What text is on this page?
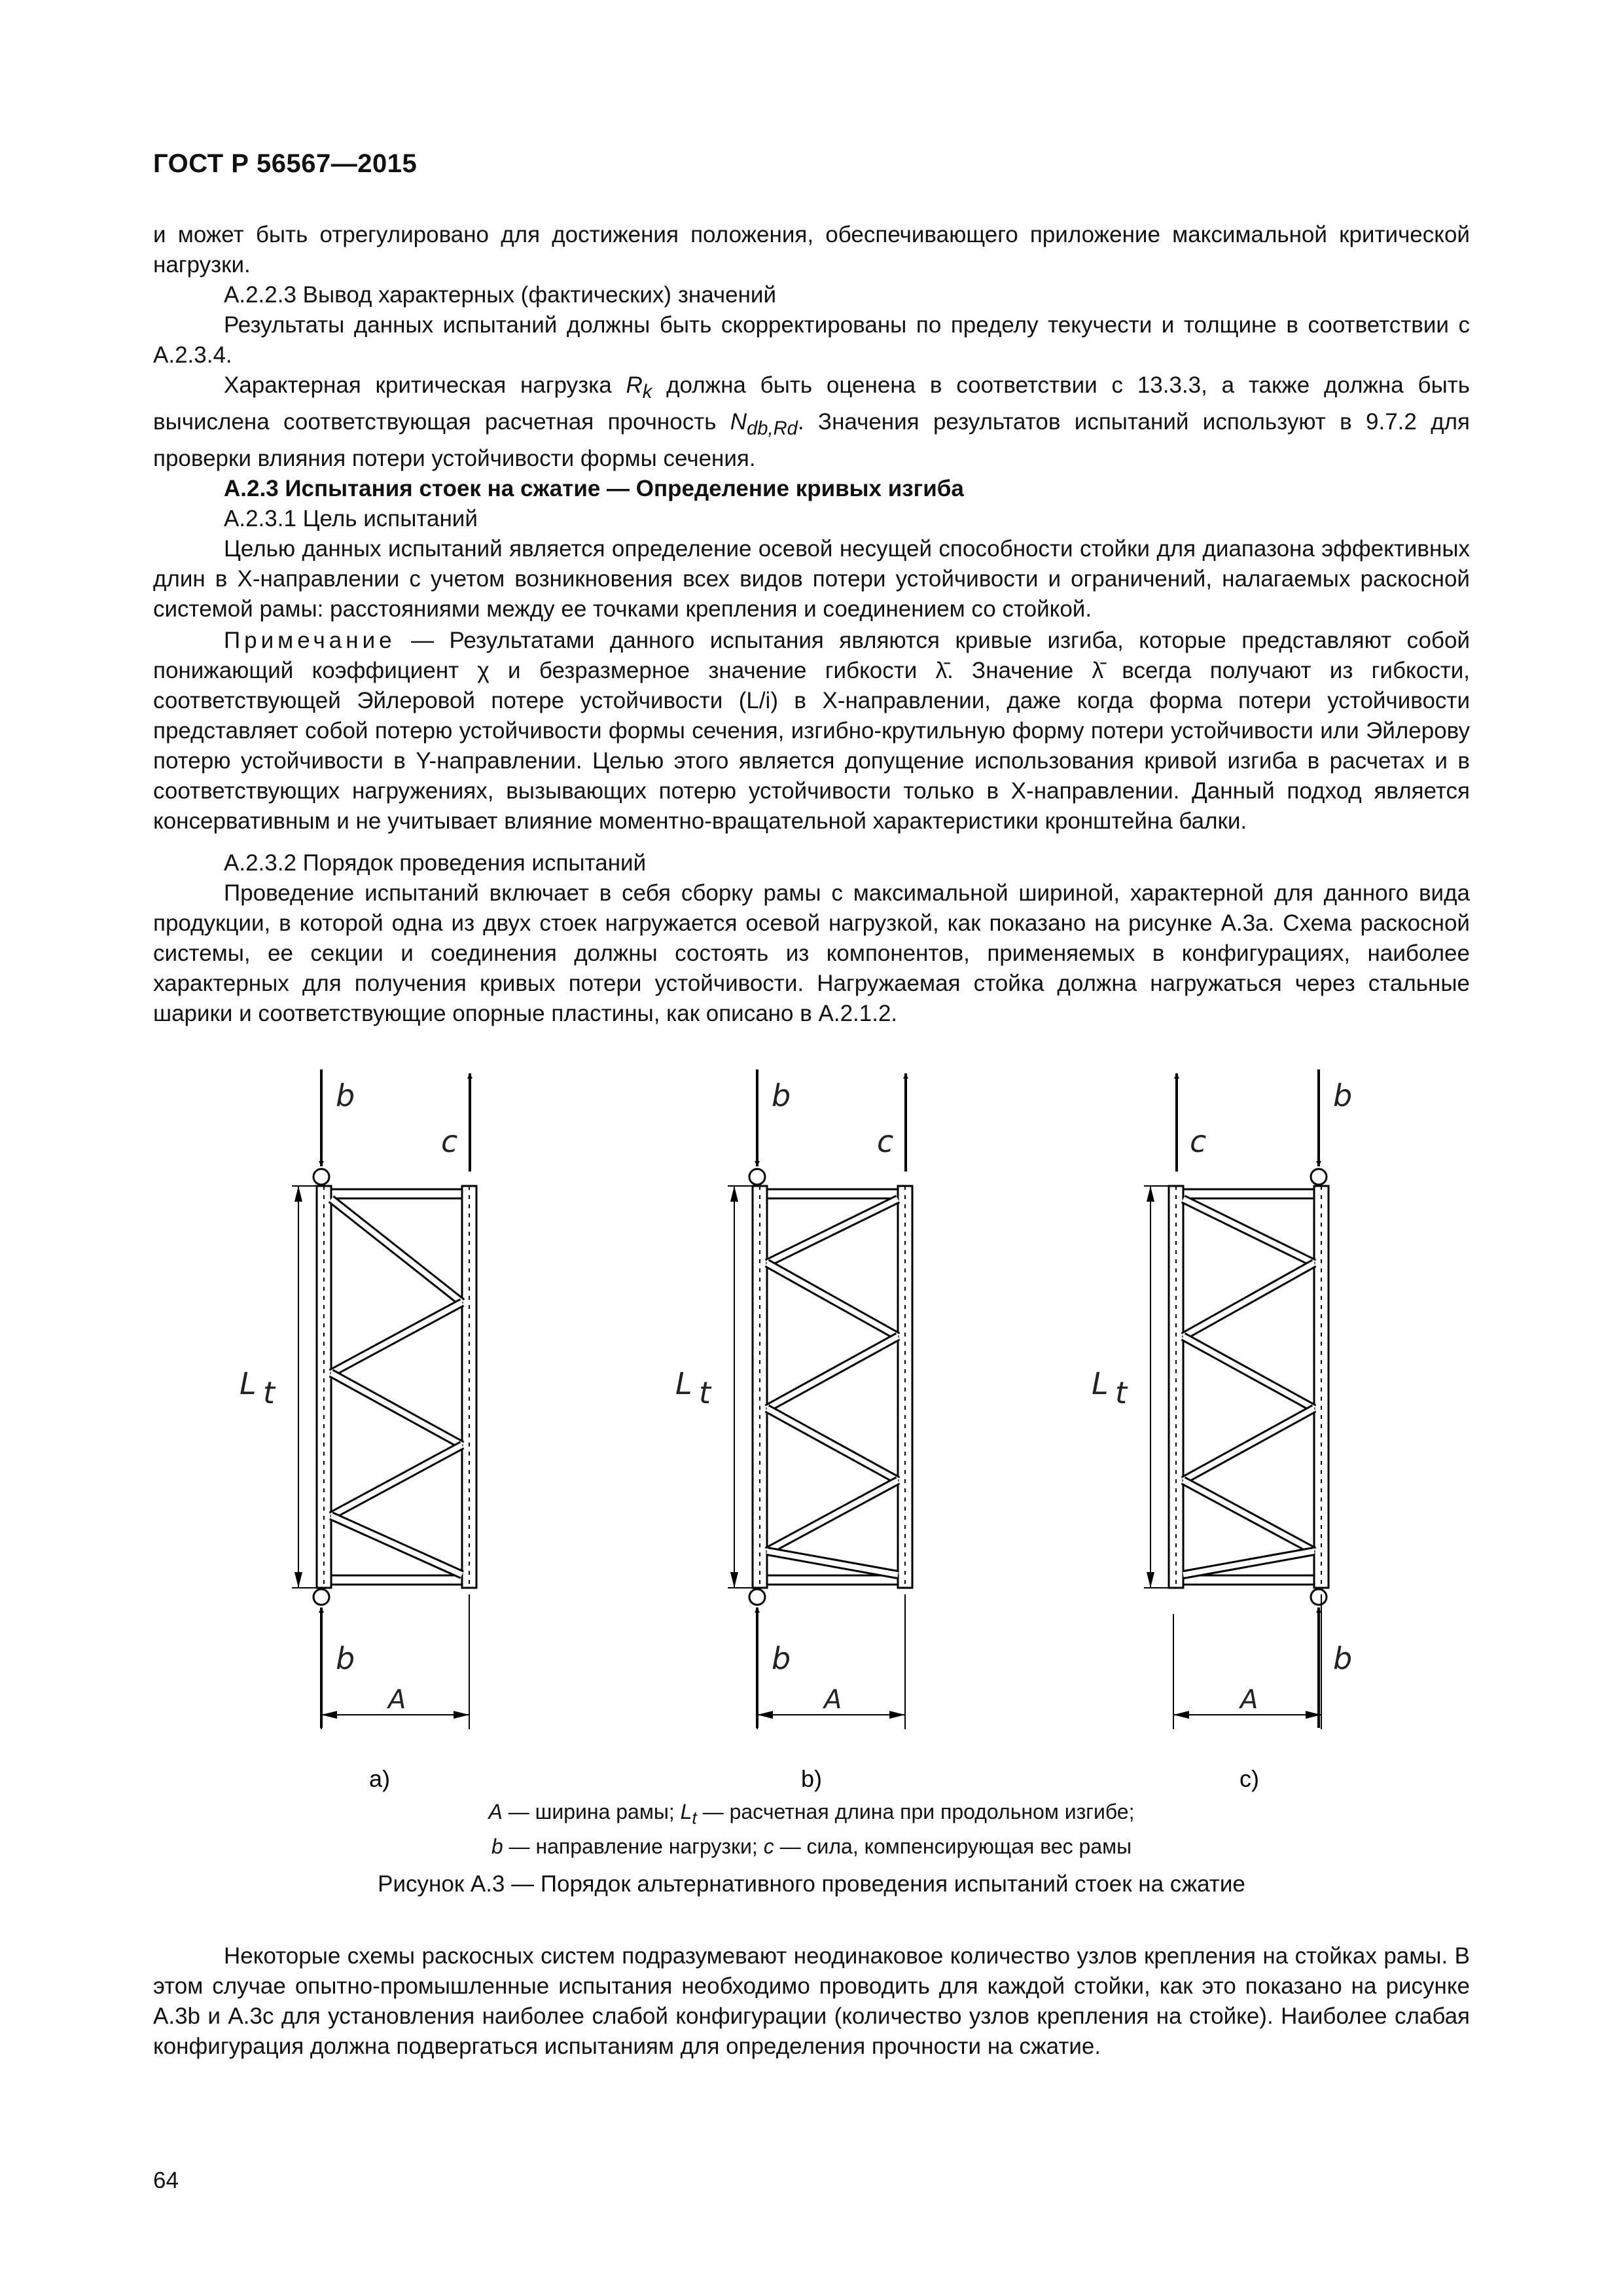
ГОСТ Р 56567—2015

и может быть отрегулировано для достижения положения, обеспечивающего приложение максимальной критической нагрузки.

А.2.2.3 Вывод характерных (фактических) значений

Результаты данных испытаний должны быть скорректированы по пределу текучести и толщине в соответствии с А.2.3.4.

Характерная критическая нагрузка $R_k$ должна быть оценена в соответствии с 13.3.3, а также должна быть вычислена соответствующая расчетная прочность $N_{db,Rd}$. Значения результатов испытаний используют в 9.7.2 для проверки влияния потери устойчивости формы сечения.

А.2.3 Испытания стоек на сжатие — Определение кривых изгиба

А.2.3.1 Цель испытаний

Целью данных испытаний является определение осевой несущей способности стойки для диапазона эффективных длин в X-направлении с учетом возникновения всех видов потери устойчивости и ограничений, налагаемых раскосной системой рамы: расстояниями между ее точками крепления и соединением со стойкой.

Примечание — Результатами данного испытания являются кривые изгиба, которые представляют собой понижающий коэффициент χ и безразмерное значение гибкости λ̄. Значение λ̄ всегда получают из гибкости, соответствующей Эйлеровой потере устойчивости (L/i) в X-направлении, даже когда форма потери устойчивости представляет собой потерю устойчивости формы сечения, изгибно-крутильную форму потери устойчивости или Эйлерову потерю устойчивости в Y-направлении. Целью этого является допущение использования кривой изгиба в расчетах и в соответствующих нагружениях, вызывающих потерю устойчивости только в X-направлении. Данный подход является консервативным и не учитывает влияние моментно-вращательной характеристики кронштейна балки.

А.2.3.2 Порядок проведения испытаний

Проведение испытаний включает в себя сборку рамы с максимальной шириной, характерной для данного вида продукции, в которой одна из двух стоек нагружается осевой нагрузкой, как показано на рисунке А.3а. Схема раскосной системы, ее секции и соединения должны состоять из компонентов, применяемых в конфигурациях, наиболее характерных для получения кривых потери устойчивости. Нагружаемая стойка должна нагружаться через стальные шарики и соответствующие опорные пластины, как описано в А.2.1.2.

b
b
c
L t
A
а)
b
b
c
L t
A
b)
b
b
c
L t
A
c)
A — ширина рамы; $L_t$ — расчетная длина при продольном изгибе;
b — направление нагрузки; c — сила, компенсирующая вес рамы
Рисунок А.3 — Порядок альтернативного проведения испытаний стоек на сжатие

Некоторые схемы раскосных систем подразумевают неодинаковое количество узлов крепления на стойках рамы. В этом случае опытно-промышленные испытания необходимо проводить для каждой стойки, как это показано на рисунке А.3b и А.3c для установления наиболее слабой конфигурации (количество узлов крепления на стойке). Наиболее слабая конфигурация должна подвергаться испытаниям для определения прочности на сжатие.

64
